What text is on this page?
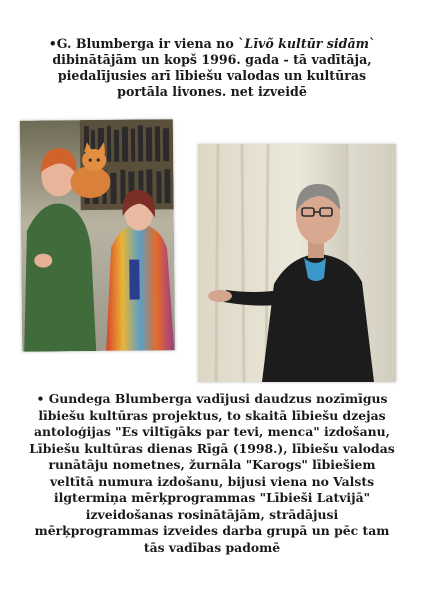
•G. Blumberga ir viena no `Līvõ kultūr sidām`
dibinātājām un kopš 1996. gada - tā vadītāja,
piedalījusies arī lībiešu valodas un kultūras
portāla livones. net izveidē
• Gundega Blumberga vadījusi daudzus nozīmīgus
lībiešu kultūras projektus, to skaitā lībiešu dzejas
antoloģijas "Es viltīgāks par tevi, menca" izdošanu,
Lībiešu kultūras dienas Rīgā (1998.), lībiešu valodas
runātāju nometnes, žurnāla "Karogs" lībiešiem
veltītā numura izdošanu, bijusi viena no Valsts
ilgtermiņa mērķprogrammas "Lībieši Latvijā"
izveidošanas rosinātājām, strādājusi
mērķprogrammas izveides darba grupā un pēc tam
tās vadības padomē
